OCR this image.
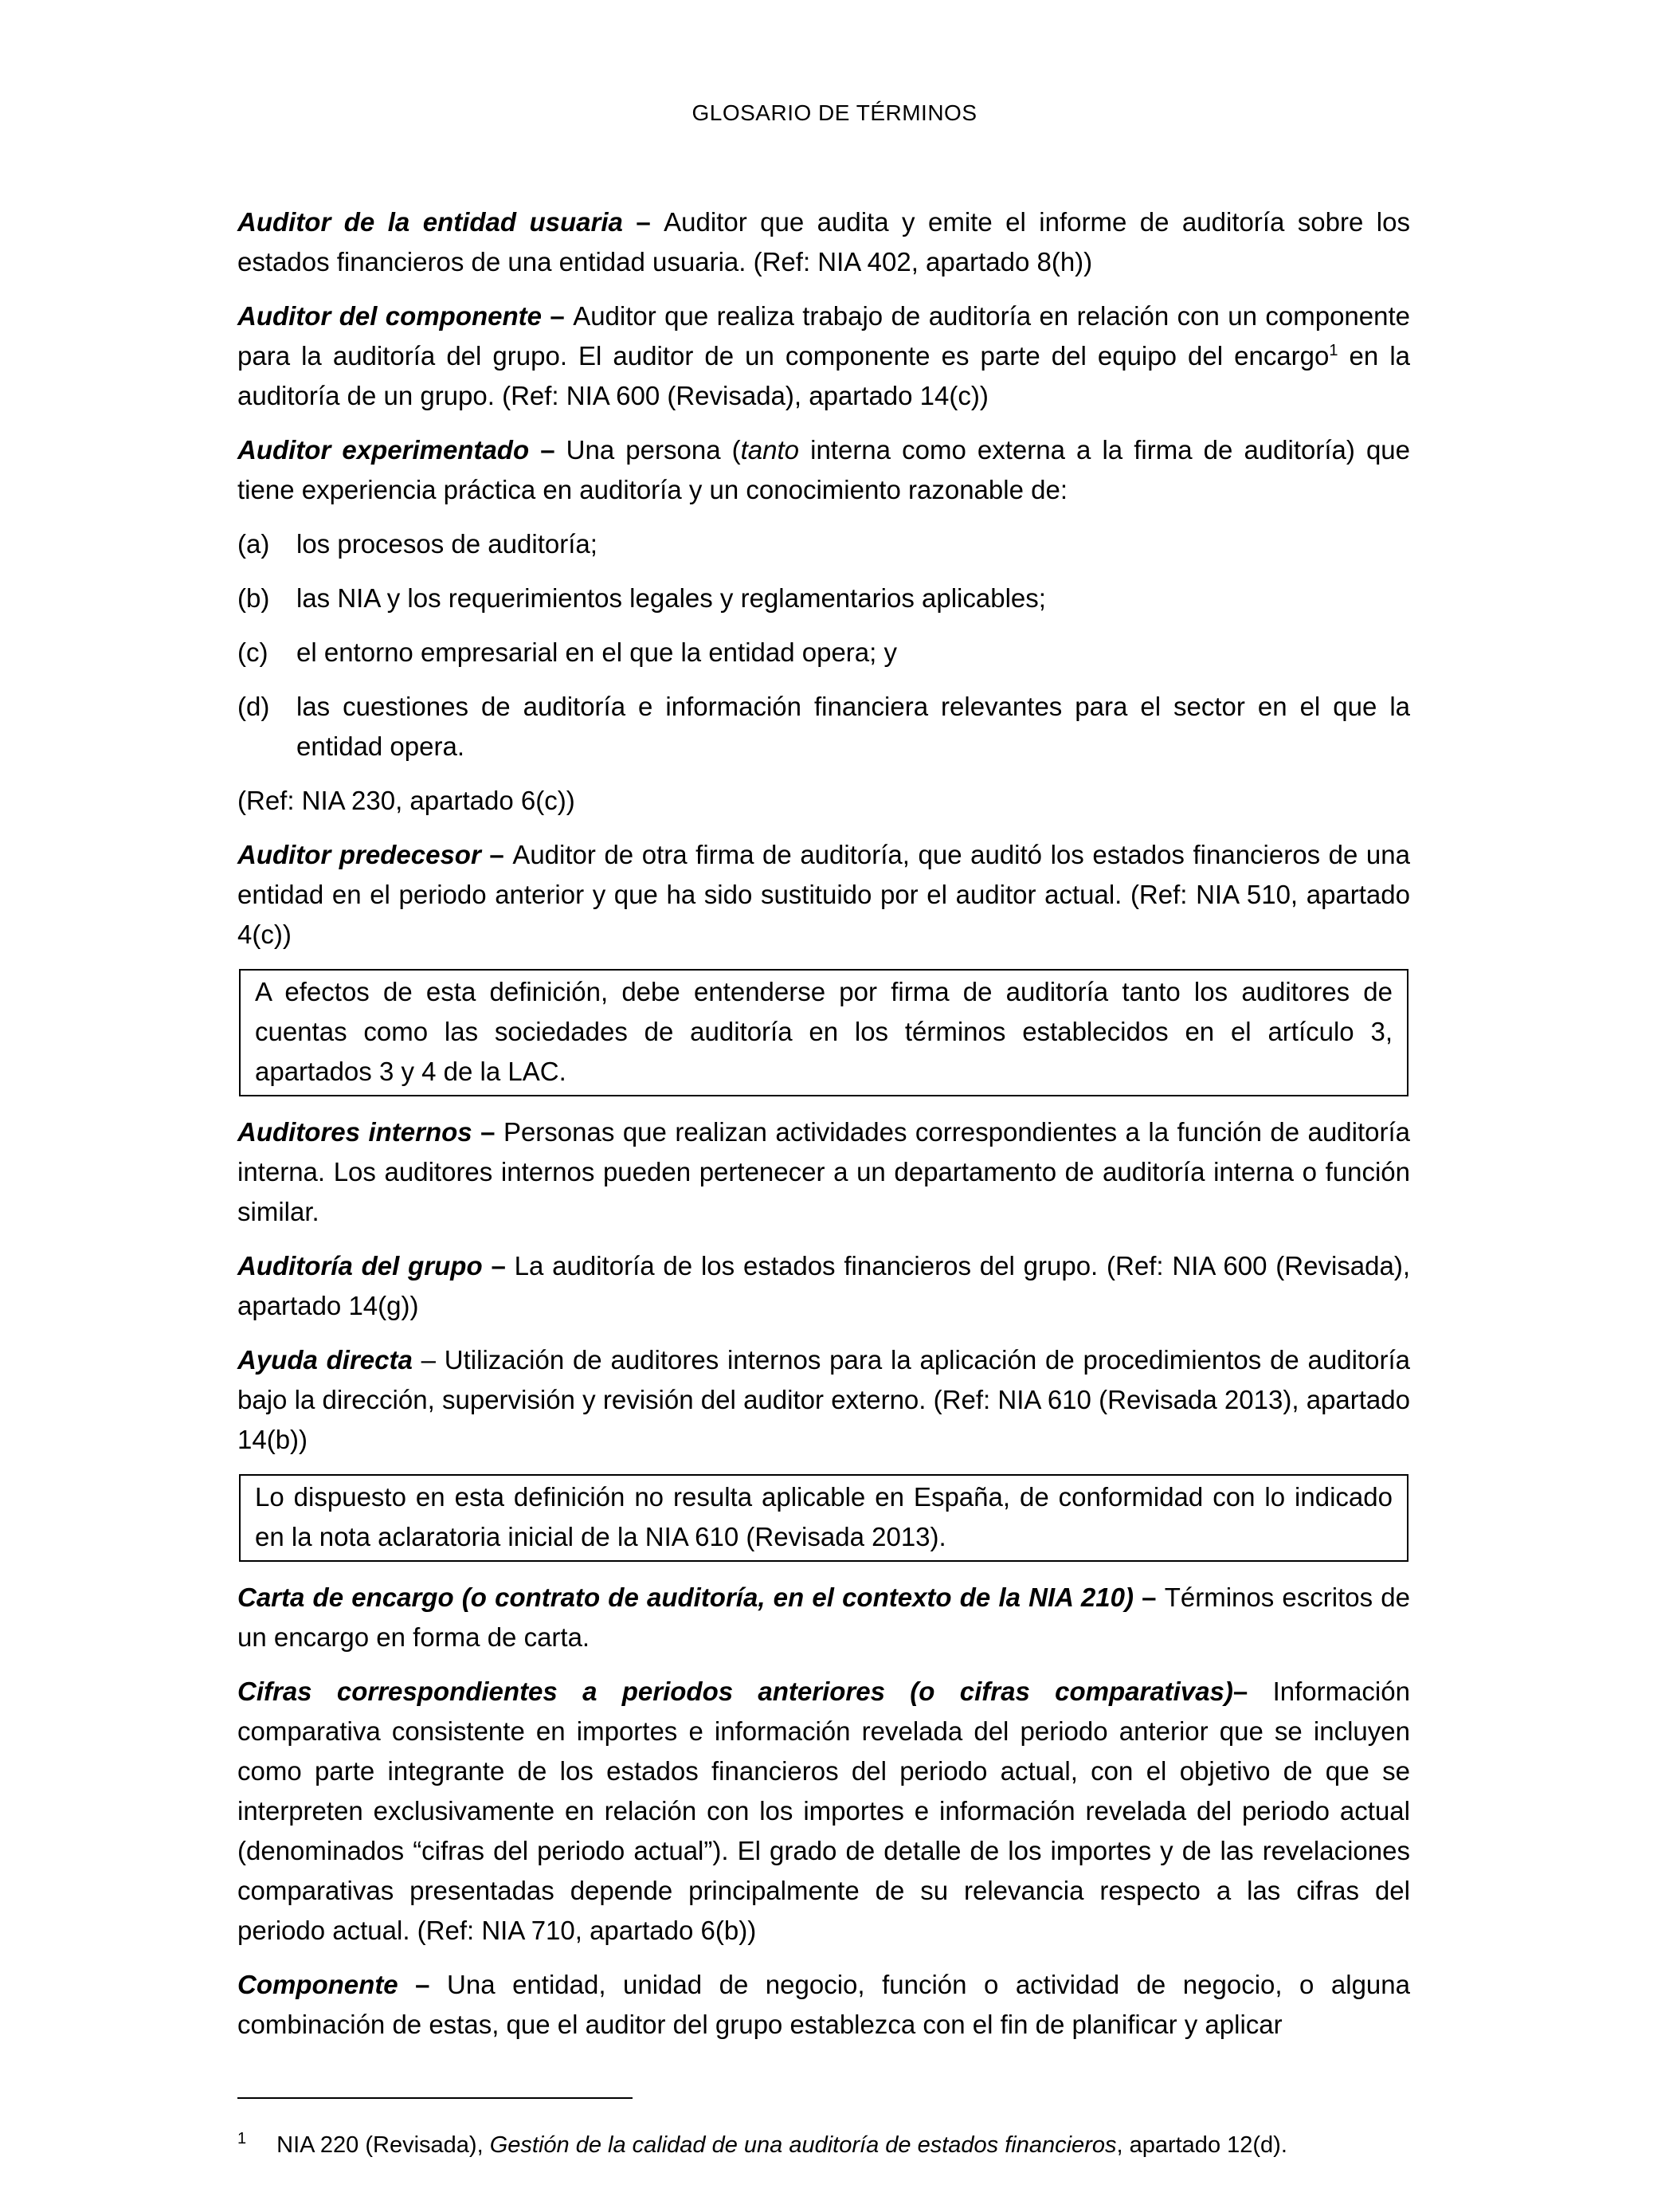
GLOSARIO DE TÉRMINOS

Auditor de la entidad usuaria – Auditor que audita y emite el informe de auditoría sobre los estados financieros de una entidad usuaria. (Ref: NIA 402, apartado 8(h))

Auditor del componente – Auditor que realiza trabajo de auditoría en relación con un componente para la auditoría del grupo. El auditor de un componente es parte del equipo del encargo$^1$ en la auditoría de un grupo. (Ref: NIA 600 (Revisada), apartado 14(c))

Auditor experimentado – Una persona (tanto interna como externa a la firma de auditoría) que tiene experiencia práctica en auditoría y un conocimiento razonable de:

(a)	los procesos de auditoría;
(b)	las NIA y los requerimientos legales y reglamentarios aplicables;
(c)	el entorno empresarial en el que la entidad opera; y
(d)	las cuestiones de auditoría e información financiera relevantes para el sector en el que la entidad opera.

(Ref: NIA 230, apartado 6(c))

Auditor predecesor – Auditor de otra firma de auditoría, que auditó los estados financieros de una entidad en el periodo anterior y que ha sido sustituido por el auditor actual. (Ref: NIA 510, apartado 4(c))

A efectos de esta definición, debe entenderse por firma de auditoría tanto los auditores de cuentas como las sociedades de auditoría en los términos establecidos en el artículo 3, apartados 3 y 4 de la LAC.

Auditores internos – Personas que realizan actividades correspondientes a la función de auditoría interna. Los auditores internos pueden pertenecer a un departamento de auditoría interna o función similar.

Auditoría del grupo – La auditoría de los estados financieros del grupo. (Ref: NIA 600 (Revisada), apartado 14(g))

Ayuda directa – Utilización de auditores internos para la aplicación de procedimientos de auditoría bajo la dirección, supervisión y revisión del auditor externo. (Ref: NIA 610 (Revisada 2013), apartado 14(b))

Lo dispuesto en esta definición no resulta aplicable en España, de conformidad con lo indicado en la nota aclaratoria inicial de la NIA 610 (Revisada 2013).

Carta de encargo (o contrato de auditoría, en el contexto de la NIA 210) – Términos escritos de un encargo en forma de carta.

Cifras correspondientes a periodos anteriores (o cifras comparativas)– Información comparativa consistente en importes e información revelada del periodo anterior que se incluyen como parte integrante de los estados financieros del periodo actual, con el objetivo de que se interpreten exclusivamente en relación con los importes e información revelada del periodo actual (denominados “cifras del periodo actual”). El grado de detalle de los importes y de las revelaciones comparativas presentadas depende principalmente de su relevancia respecto a las cifras del periodo actual. (Ref: NIA 710, apartado 6(b))

Componente – Una entidad, unidad de negocio, función o actividad de negocio, o alguna combinación de estas, que el auditor del grupo establezca con el fin de planificar y aplicar

$^1$ NIA 220 (Revisada), Gestión de la calidad de una auditoría de estados financieros, apartado 12(d).
